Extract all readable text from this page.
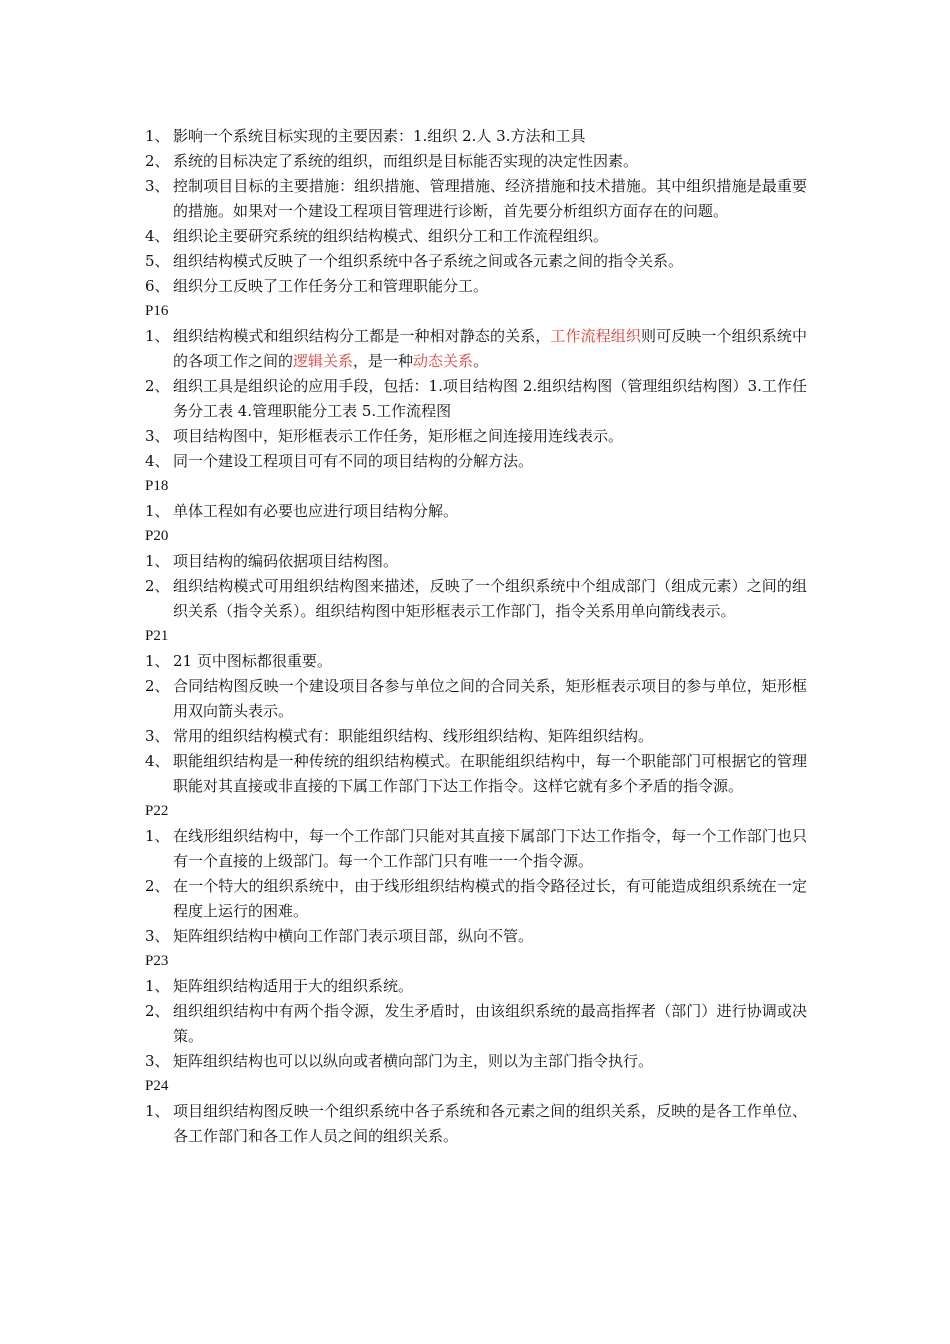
1、 影响一个系统目标实现的主要因素：1.组织 2.人 3.方法和工具
2、 系统的目标决定了系统的组织，而组织是目标能否实现的决定性因素。
3、 控制项目目标的主要措施：组织措施、管理措施、经济措施和技术措施。其中组织措施是最重要的措施。如果对一个建设工程项目管理进行诊断，首先要分析组织方面存在的问题。
4、 组织论主要研究系统的组织结构模式、组织分工和工作流程组织。
5、 组织结构模式反映了一个组织系统中各子系统之间或各元素之间的指令关系。
6、 组织分工反映了工作任务分工和管理职能分工。
P16
1、 组织结构模式和组织结构分工都是一种相对静态的关系，工作流程组织则可反映一个组织系统中的各项工作之间的逻辑关系，是一种动态关系。
2、 组织工具是组织论的应用手段，包括：1.项目结构图 2.组织结构图（管理组织结构图）3.工作任务分工表 4.管理职能分工表 5.工作流程图
3、 项目结构图中，矩形框表示工作任务，矩形框之间连接用连线表示。
4、 同一个建设工程项目可有不同的项目结构的分解方法。
P18
1、 单体工程如有必要也应进行项目结构分解。
P20
1、 项目结构的编码依据项目结构图。
2、 组织结构模式可用组织结构图来描述，反映了一个组织系统中个组成部门（组成元素）之间的组织关系（指令关系）。组织结构图中矩形框表示工作部门，指令关系用单向箭线表示。
P21
1、 21 页中图标都很重要。
2、 合同结构图反映一个建设项目各参与单位之间的合同关系，矩形框表示项目的参与单位，矩形框用双向箭头表示。
3、 常用的组织结构模式有：职能组织结构、线形组织结构、矩阵组织结构。
4、 职能组织结构是一种传统的组织结构模式。在职能组织结构中，每一个职能部门可根据它的管理职能对其直接或非直接的下属工作部门下达工作指令。这样它就有多个矛盾的指令源。
P22
1、 在线形组织结构中，每一个工作部门只能对其直接下属部门下达工作指令，每一个工作部门也只有一个直接的上级部门。每一个工作部门只有唯一一个指令源。
2、 在一个特大的组织系统中，由于线形组织结构模式的指令路径过长，有可能造成组织系统在一定程度上运行的困难。
3、 矩阵组织结构中横向工作部门表示项目部，纵向不管。
P23
1、 矩阵组织结构适用于大的组织系统。
2、 组织组织结构中有两个指令源，发生矛盾时，由该组织系统的最高指挥者（部门）进行协调或决策。
3、 矩阵组织结构也可以以纵向或者横向部门为主，则以为主部门指令执行。
P24
1、 项目组织结构图反映一个组织系统中各子系统和各元素之间的组织关系，反映的是各工作单位、各工作部门和各工作人员之间的组织关系。
